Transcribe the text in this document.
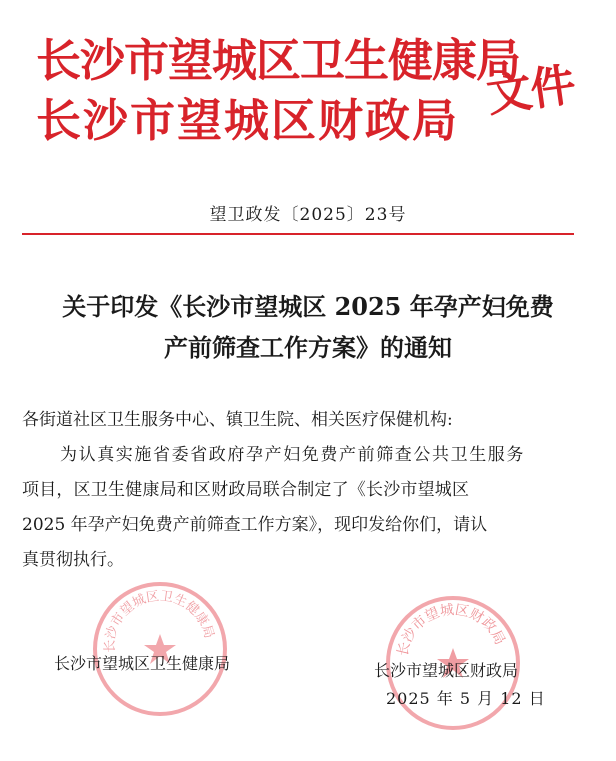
长沙市望城区卫生健康局
长沙市望城区财政局 文件
望卫政发〔2025〕23号
关于印发《长沙市望城区 2025 年孕产妇免费
产前筛查工作方案》的通知
各街道社区卫生服务中心、镇卫生院、相关医疗保健机构:
为认真实施省委省政府孕产妇免费产前筛查公共卫生服务
项目，区卫生健康局和区财政局联合制定了《长沙市望城区
2025 年孕产妇免费产前筛查工作方案》，现印发给你们，请认
真贯彻执行。
长沙市望城区卫生健康局
长沙市望城区财政局
长沙市望城区卫生健康局	长沙市望城区财政局
2025 年 5 月 12 日
